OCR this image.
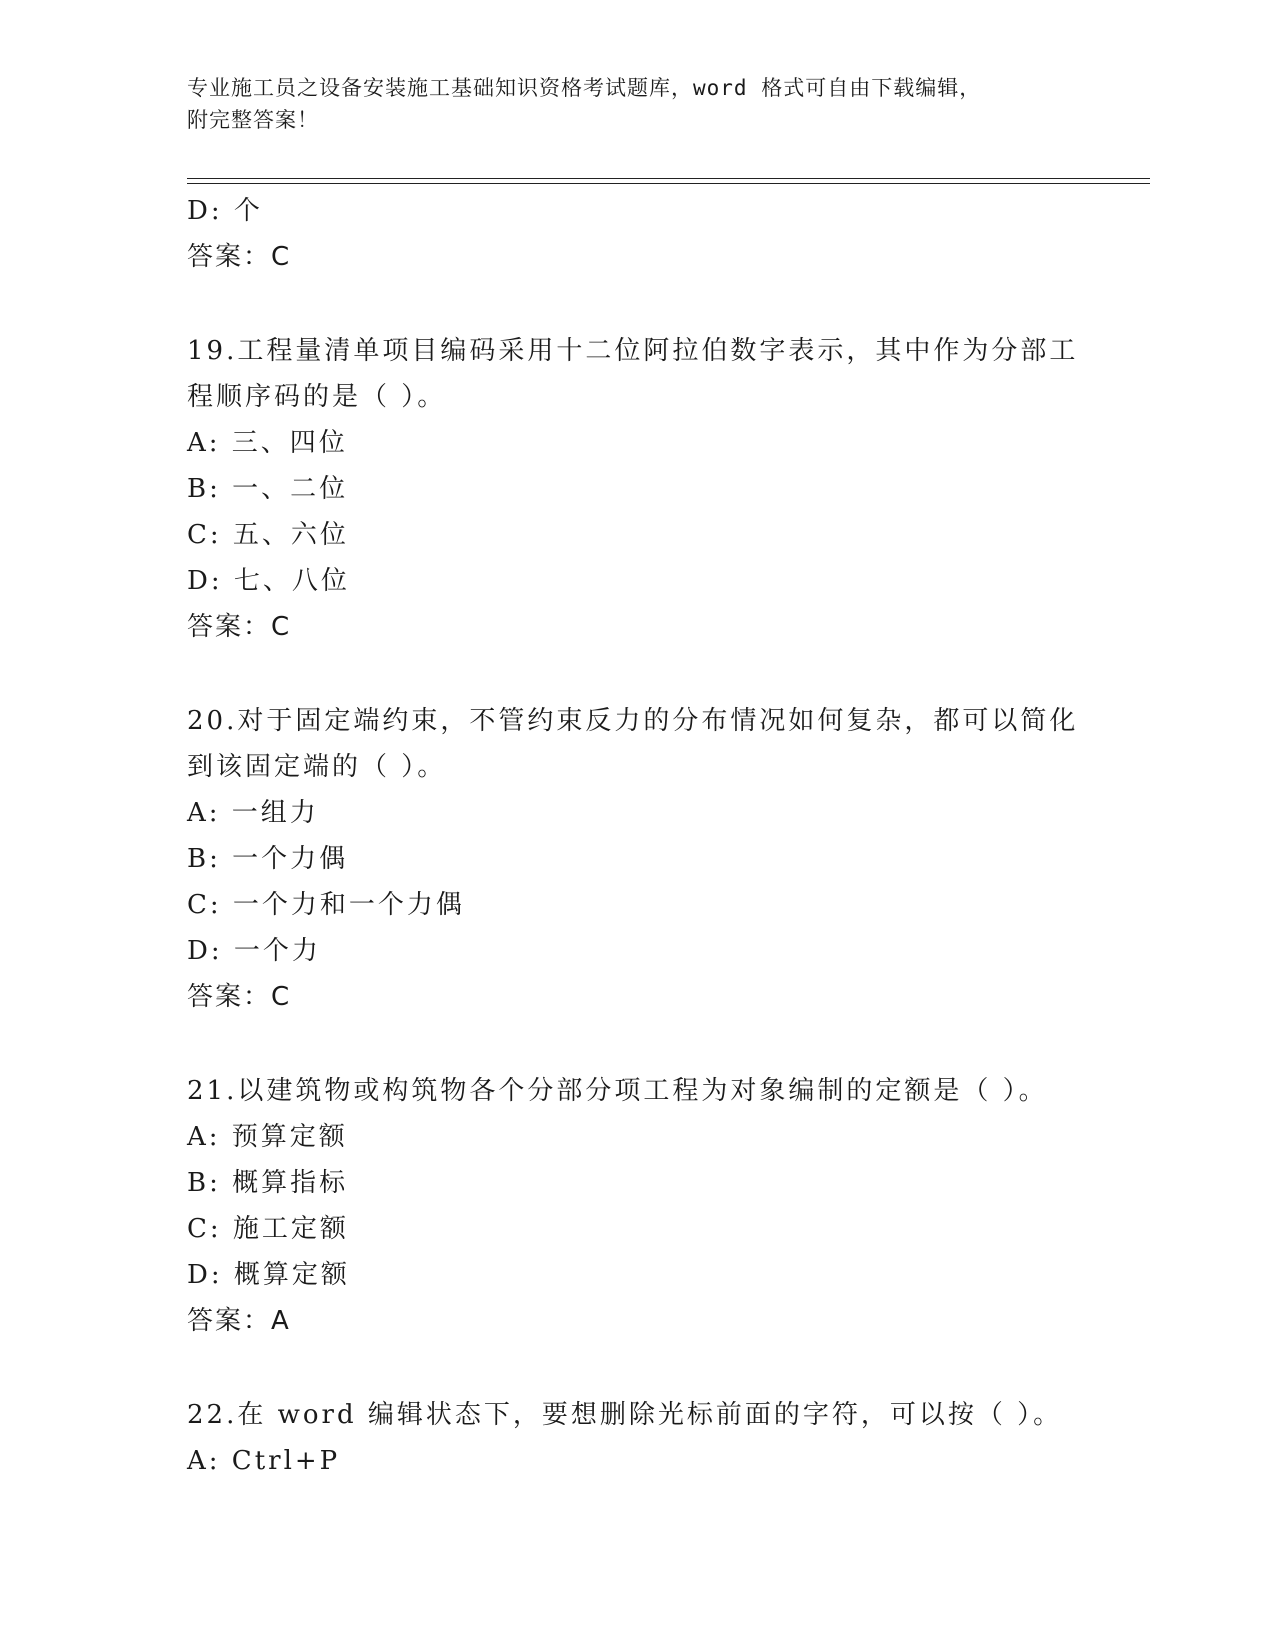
专业施工员之设备安装施工基础知识资格考试题库，word 格式可自由下载编辑，
附完整答案！
D: 个
答案：C
19.工程量清单项目编码采用十二位阿拉伯数字表示，其中作为分部工
程顺序码的是（ ）。
A: 三、四位
B: 一、二位
C: 五、六位
D: 七、八位
答案：C
20.对于固定端约束，不管约束反力的分布情况如何复杂，都可以简化
到该固定端的（ ）。
A: 一组力
B: 一个力偶
C: 一个力和一个力偶
D: 一个力
答案：C
21.以建筑物或构筑物各个分部分项工程为对象编制的定额是（ ）。
A: 预算定额
B: 概算指标
C: 施工定额
D: 概算定额
答案：A
22.在 word 编辑状态下，要想删除光标前面的字符，可以按（ ）。
A: Ctrl+P
